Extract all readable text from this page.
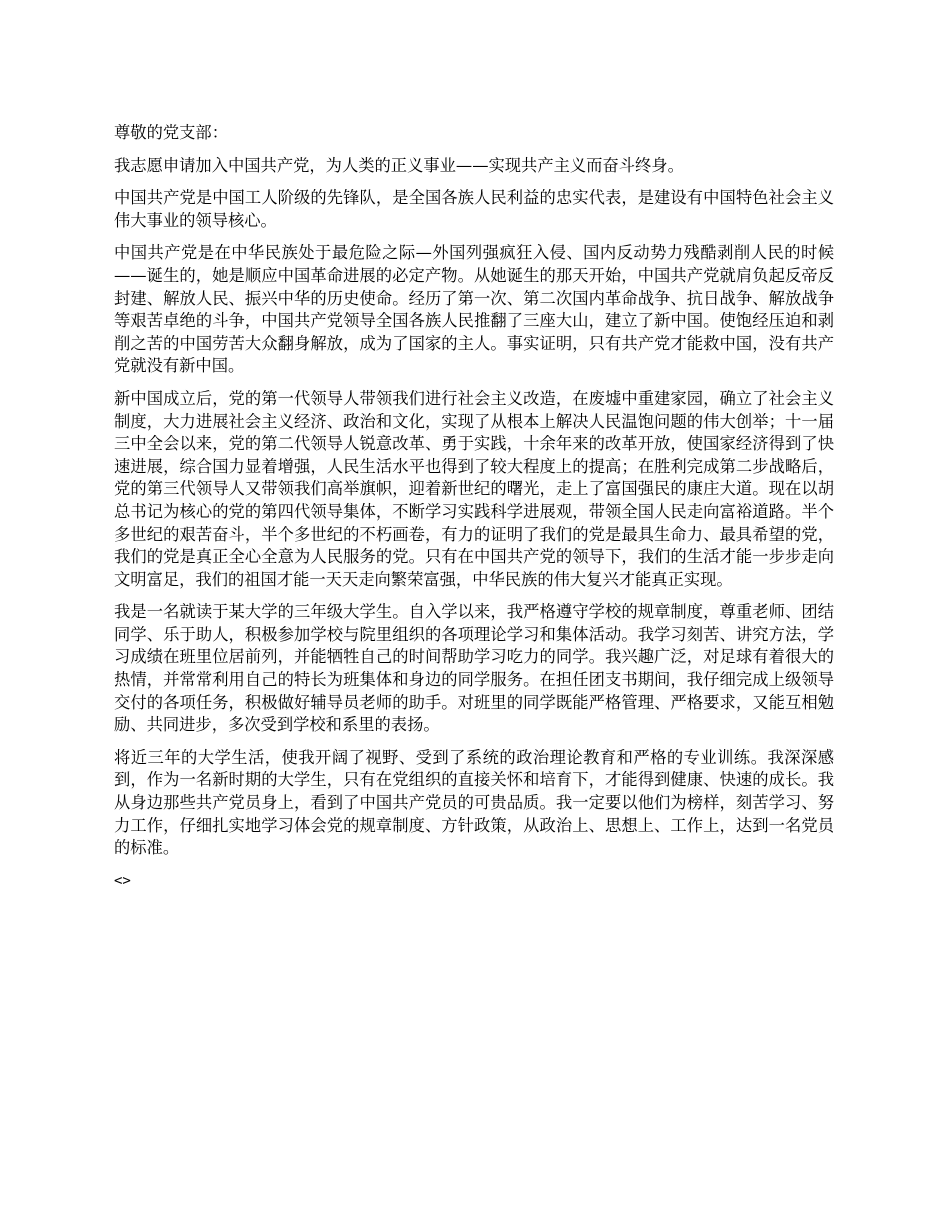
尊敬的党支部：

我志愿申请加入中国共产党，为人类的正义事业——实现共产主义而奋斗终身。

中国共产党是中国工人阶级的先锋队，是全国各族人民利益的忠实代表，是建设有中国特色社会主义伟大事业的领导核心。

中国共产党是在中华民族处于最危险之际—外国列强疯狂入侵、国内反动势力残酷剥削人民的时候——诞生的，她是顺应中国革命进展的必定产物。从她诞生的那天开始，中国共产党就肩负起反帝反封建、解放人民、振兴中华的历史使命。经历了第一次、第二次国内革命战争、抗日战争、解放战争等艰苦卓绝的斗争，中国共产党领导全国各族人民推翻了三座大山，建立了新中国。使饱经压迫和剥削之苦的中国劳苦大众翻身解放，成为了国家的主人。事实证明，只有共产党才能救中国，没有共产党就没有新中国。

新中国成立后，党的第一代领导人带领我们进行社会主义改造，在废墟中重建家园，确立了社会主义制度，大力进展社会主义经济、政治和文化，实现了从根本上解决人民温饱问题的伟大创举；十一届三中全会以来，党的第二代领导人锐意改革、勇于实践，十余年来的改革开放，使国家经济得到了快速进展，综合国力显着增强，人民生活水平也得到了较大程度上的提高；在胜利完成第二步战略后，党的第三代领导人又带领我们高举旗帜，迎着新世纪的曙光，走上了富国强民的康庄大道。现在以胡总书记为核心的党的第四代领导集体，不断学习实践科学进展观，带领全国人民走向富裕道路。半个多世纪的艰苦奋斗，半个多世纪的不朽画卷，有力的证明了我们的党是最具生命力、最具希望的党，我们的党是真正全心全意为人民服务的党。只有在中国共产党的领导下，我们的生活才能一步步走向文明富足，我们的祖国才能一天天走向繁荣富强，中华民族的伟大复兴才能真正实现。

我是一名就读于某大学的三年级大学生。自入学以来，我严格遵守学校的规章制度，尊重老师、团结同学、乐于助人，积极参加学校与院里组织的各项理论学习和集体活动。我学习刻苦、讲究方法，学习成绩在班里位居前列，并能牺牲自己的时间帮助学习吃力的同学。我兴趣广泛，对足球有着很大的热情，并常常利用自己的特长为班集体和身边的同学服务。在担任团支书期间，我仔细完成上级领导交付的各项任务，积极做好辅导员老师的助手。对班里的同学既能严格管理、严格要求，又能互相勉励、共同进步，多次受到学校和系里的表扬。

将近三年的大学生活，使我开阔了视野、受到了系统的政治理论教育和严格的专业训练。我深深感到，作为一名新时期的大学生，只有在党组织的直接关怀和培育下，才能得到健康、快速的成长。我从身边那些共产党员身上，看到了中国共产党员的可贵品质。我一定要以他们为榜样，刻苦学习、努力工作，仔细扎实地学习体会党的规章制度、方针政策，从政治上、思想上、工作上，达到一名党员的标准。

<>
